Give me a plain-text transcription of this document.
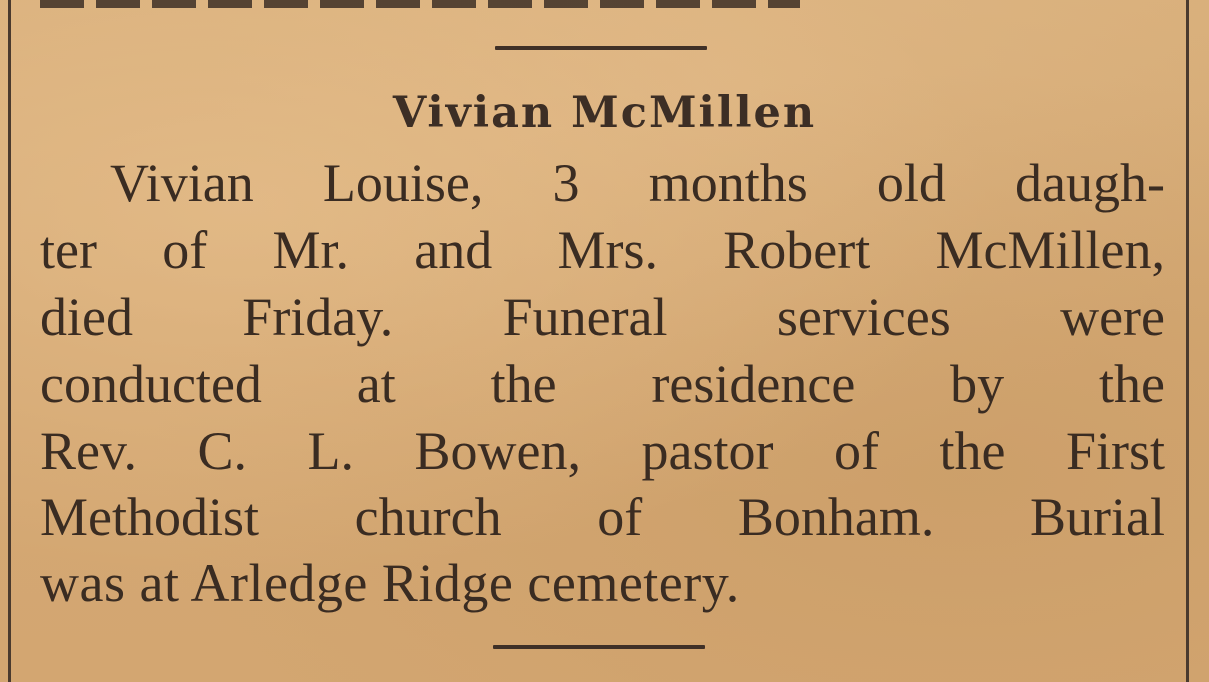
Vivian McMillen
Vivian Louise, 3 months old daugh-
ter of Mr. and Mrs. Robert McMillen,
died Friday. Funeral services were
conducted at the residence by the
Rev. C. L. Bowen, pastor of the First
Methodist church of Bonham. Burial
was at Arledge Ridge cemetery.
